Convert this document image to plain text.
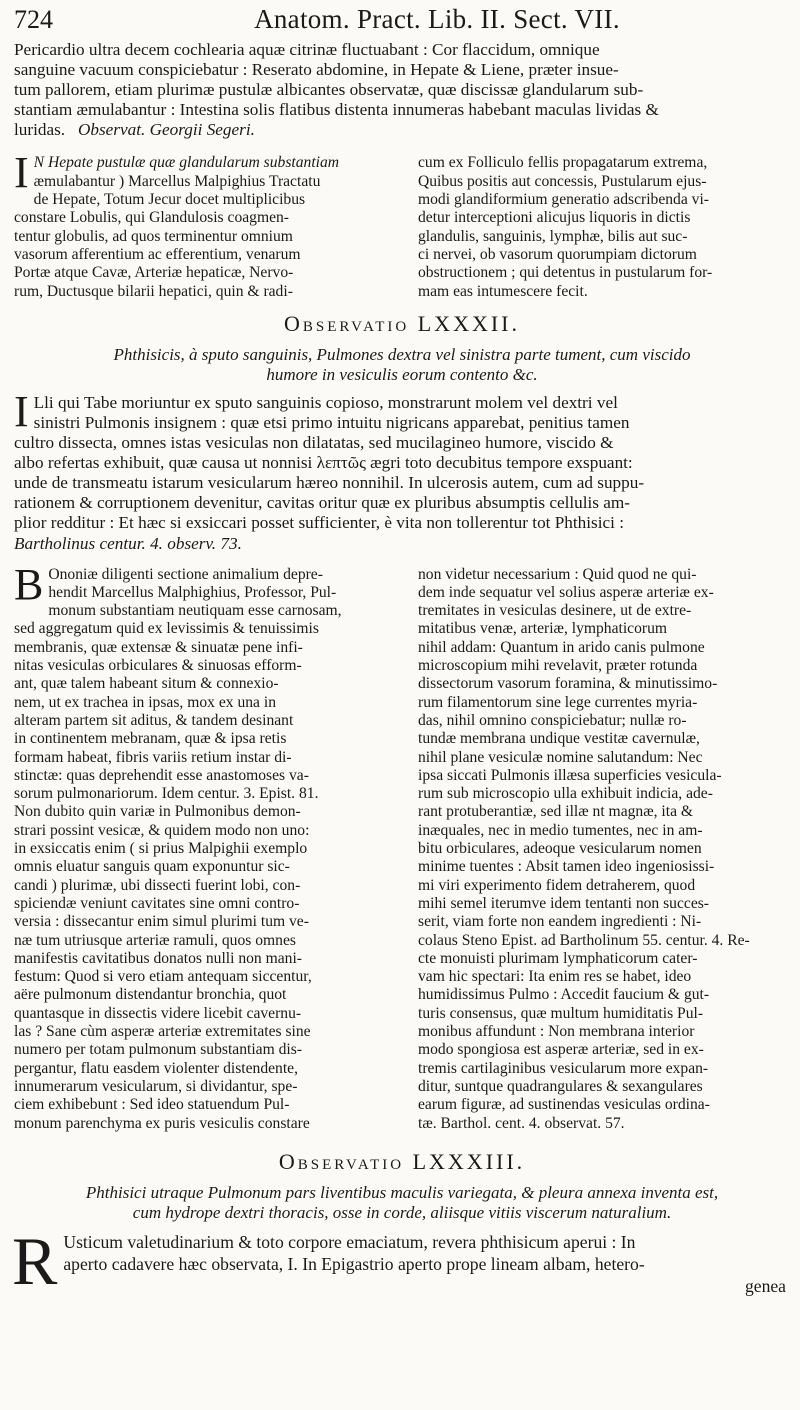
724	Anatom. Pract. Lib. II. Sect. VII.
Pericardio ultra decem cochlearia aquæ citrinæ fluctuabant : Cor flaccidum, omnique
sanguine vacuum conspiciebatur : Reserato abdomine, in Hepate & Liene, præter insue-
tum pallorem, etiam plurimæ pustulæ albicantes observatæ, quæ discissæ glandularum sub-
stantiam æmulabantur : Intestina solis flatibus distenta innumeras habebant maculas lividas &
luridas. Observat. Georgii Segeri.
I N Hepate pustulæ quæ glandularum substantiam
æmulabantur ) Marcellus Malpighius Tractatu
de Hepate, Totum Jecur docet multiplicibus
constare Lobulis, qui Glandulosis coagmen-
tentur globulis, ad quos terminentur omnium
vasorum afferentium ac efferentium, venarum
Portæ atque Cavæ, Arteriæ hepaticæ, Nervo-
rum, Ductusque bilarii hepatici, quin & radi-
cum ex Folliculo fellis propagatarum extrema,
Quibus positis aut concessis, Pustularum ejus-
modi glandiformium generatio adscribenda vi-
detur interceptioni alicujus liquoris in dictis
glandulis, sanguinis, lymphæ, bilis aut suc-
ci nervei, ob vasorum quorumpiam dictorum
obstructionem ; qui detentus in pustularum for-
mam eas intumescere fecit.
Observatio LXXXII.
Phthisicis, à sputo sanguinis, Pulmones dextra vel sinistra parte tument, cum viscido
humore in vesiculis eorum contento &c.
I Lli qui Tabe moriuntur ex sputo sanguinis copioso, monstrarunt molem vel dextri vel
sinistri Pulmonis insignem : quæ etsi primo intuitu nigricans apparebat, penitius tamen
cultro dissecta, omnes istas vesiculas non dilatatas, sed mucilagineo humore, viscido &
albo refertas exhibuit, quæ causa ut nonnisi λεπτῶς ægri toto decubitus tempore exspuant:
unde de transmeatu istarum vesicularum hæreo nonnihil. In ulcerosis autem, cum ad suppu-
rationem & corruptionem devenitur, cavitas oritur quæ ex pluribus absumptis cellulis am-
plior redditur : Et hæc si exsiccari posset sufficienter, è vita non tollerentur tot Phthisici :
Bartholinus centur. 4. observ. 73.
B Ononiæ diligenti sectione animalium depre-
hendit Marcellus Malphighius, Professor, Pul-
monum substantiam neutiquam esse carnosam,
sed aggregatum quid ex levissimis & tenuissimis
membranis, quæ extensæ & sinuatæ pene infi-
nitas vesiculas orbiculares & sinuosas efform-
ant, quæ talem habeant situm & connexio-
nem, ut ex trachea in ipsas, mox ex una in
alteram partem sit aditus, & tandem desinant
in continentem mebranam, quæ & ipsa retis
formam habeat, fibris variis retium instar di-
stinctæ: quas deprehendit esse anastomoses va-
sorum pulmonariorum. Idem centur. 3. Epist. 81.
Non dubito quin variæ in Pulmonibus demon-
strari possint vesicæ, & quidem modo non uno:
in exsiccatis enim ( si prius Malpighii exemplo
omnis eluatur sanguis quam exponuntur sic-
candi ) plurimæ, ubi dissecti fuerint lobi, con-
spiciendæ veniunt cavitates sine omni contro-
versia : dissecantur enim simul plurimi tum ve-
næ tum utriusque arteriæ ramuli, quos omnes
manifestis cavitatibus donatos nulli non mani-
festum: Quod si vero etiam antequam siccentur,
aëre pulmonum distendantur bronchia, quot
quantasque in dissectis videre licebit cavernu-
las ? Sane cùm asperæ arteriæ extremitates sine
numero per totam pulmonum substantiam dis-
pergantur, flatu easdem violenter distendente,
innumerarum vesicularum, si dividantur, spe-
ciem exhibebunt : Sed ideo statuendum Pul-
monum parenchyma ex puris vesiculis constare
non videtur necessarium : Quid quod ne qui-
dem inde sequatur vel solius asperæ arteriæ ex-
tremitates in vesiculas desinere, ut de extre-
mitatibus venæ, arteriæ, lymphaticorum
nihil addam: Quantum in arido canis pulmone
microscopium mihi revelavit, præter rotunda
dissectorum vasorum foramina, & minutissimo-
rum filamentorum sine lege currentes myria-
das, nihil omnino conspiciebatur; nullæ ro-
tundæ membrana undique vestitæ cavernulæ,
nihil plane vesiculæ nomine salutandum: Nec
ipsa siccati Pulmonis illæsa superficies vesicula-
rum sub microscopio ulla exhibuit indicia, ade-
rant protuberantiæ, sed illæ nt magnæ, ita &
inæquales, nec in medio tumentes, nec in am-
bitu orbiculares, adeoque vesicularum nomen
minime tuentes : Absit tamen ideo ingeniosissi-
mi viri experimento fidem detraherem, quod
mihi semel iterumve idem tentanti non succes-
serit, viam forte non eandem ingredienti : Ni-
colaus Steno Epist. ad Bartholinum 55. centur. 4. Re-
cte monuisti plurimam lymphaticorum cater-
vam hic spectari: Ita enim res se habet, ideo
humidissimus Pulmo : Accedit faucium & gut-
turis consensus, quæ multum humiditatis Pul-
monibus affundunt : Non membrana interior
modo spongiosa est asperæ arteriæ, sed in ex-
tremis cartilaginibus vesicularum more expan-
ditur, suntque quadrangulares & sexangulares
earum figuræ, ad sustinendas vesiculas ordina-
tæ. Barthol. cent. 4. observat. 57.
Observatio LXXXIII.
Phthisici utraque Pulmonum pars liventibus maculis variegata, & pleura annexa inventa est,
cum hydrope dextri thoracis, osse in corde, aliisque vitiis viscerum naturalium.
R Usticum valetudinarium & toto corpore emaciatum, revera phthisicum aperui : In
aperto cadavere hæc observata, I. In Epigastrio aperto prope lineam albam, hetero-
genea
